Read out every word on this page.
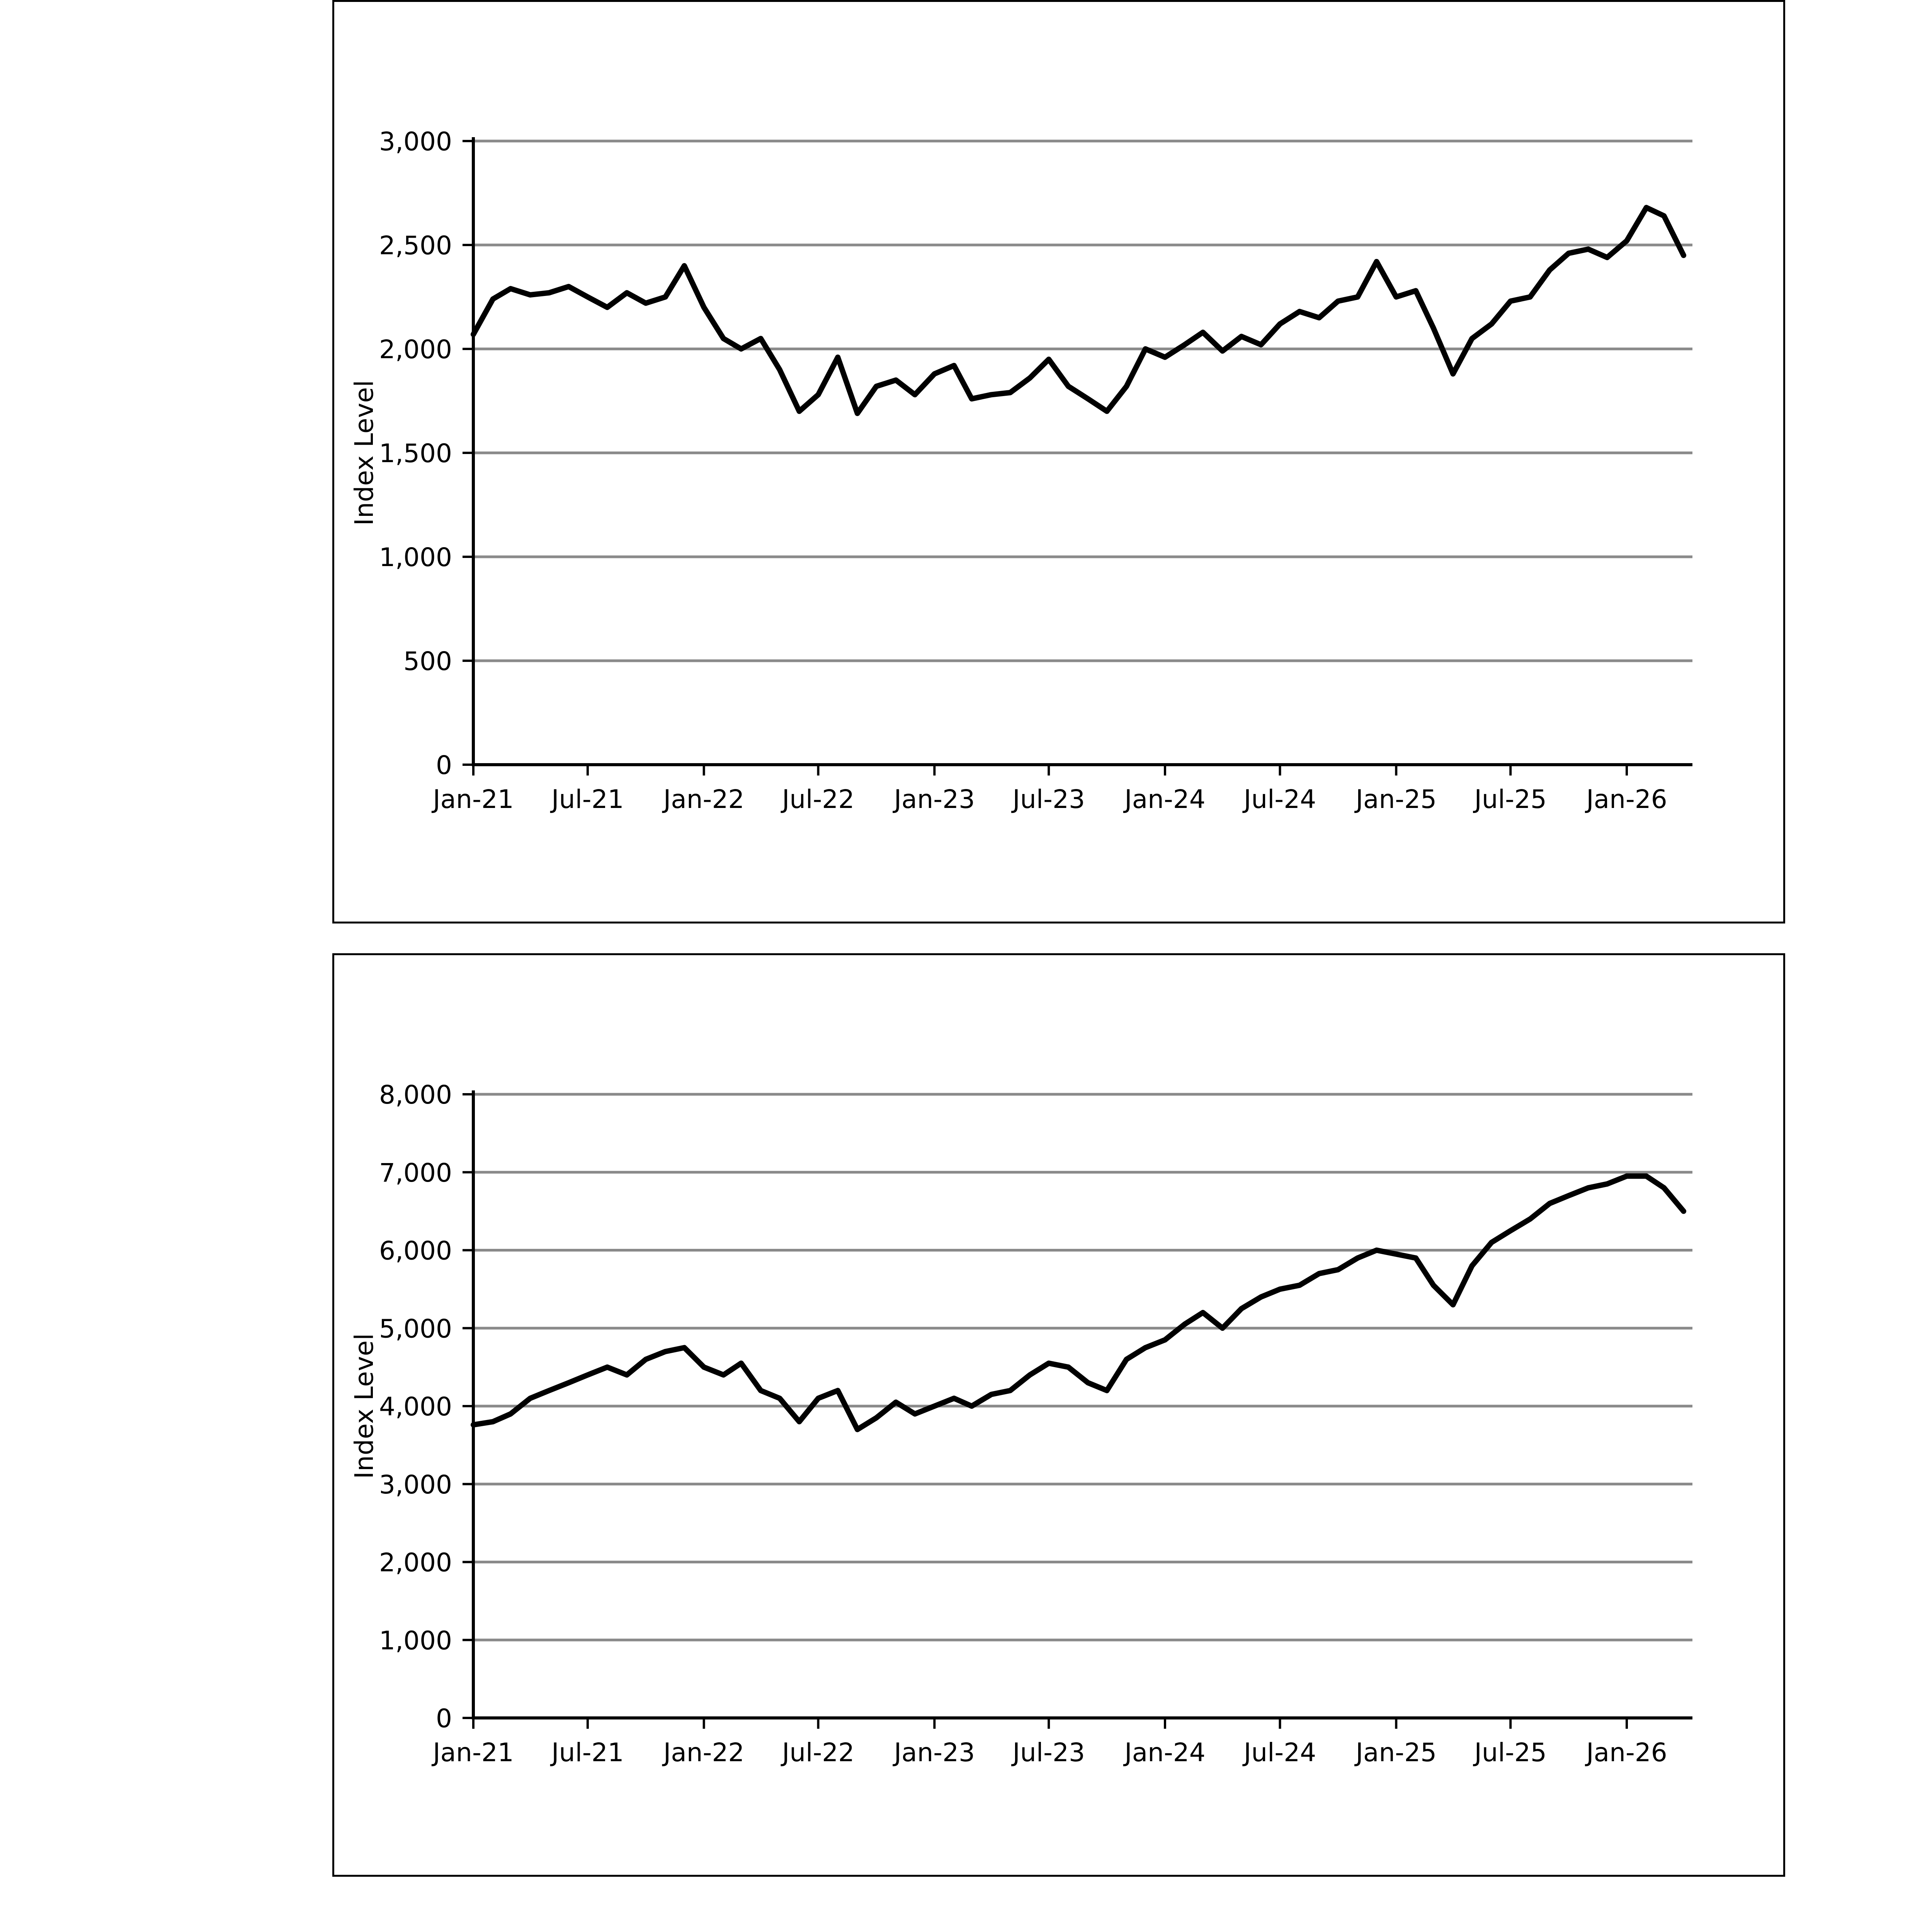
0
500
1,000
1,500
2,000
2,500
3,000
Jan-21 Jul-21 Jan-22 Jul-22 Jan-23 Jul-23 Jan-24 Jul-24 Jan-25 Jul-25 Jan-26
Index Level
0
1,000
2,000
3,000
4,000
5,000
6,000
7,000
8,000
Jan-21 Jul-21 Jan-22 Jul-22 Jan-23 Jul-23 Jan-24 Jul-24 Jan-25 Jul-25 Jan-26
Index Level
